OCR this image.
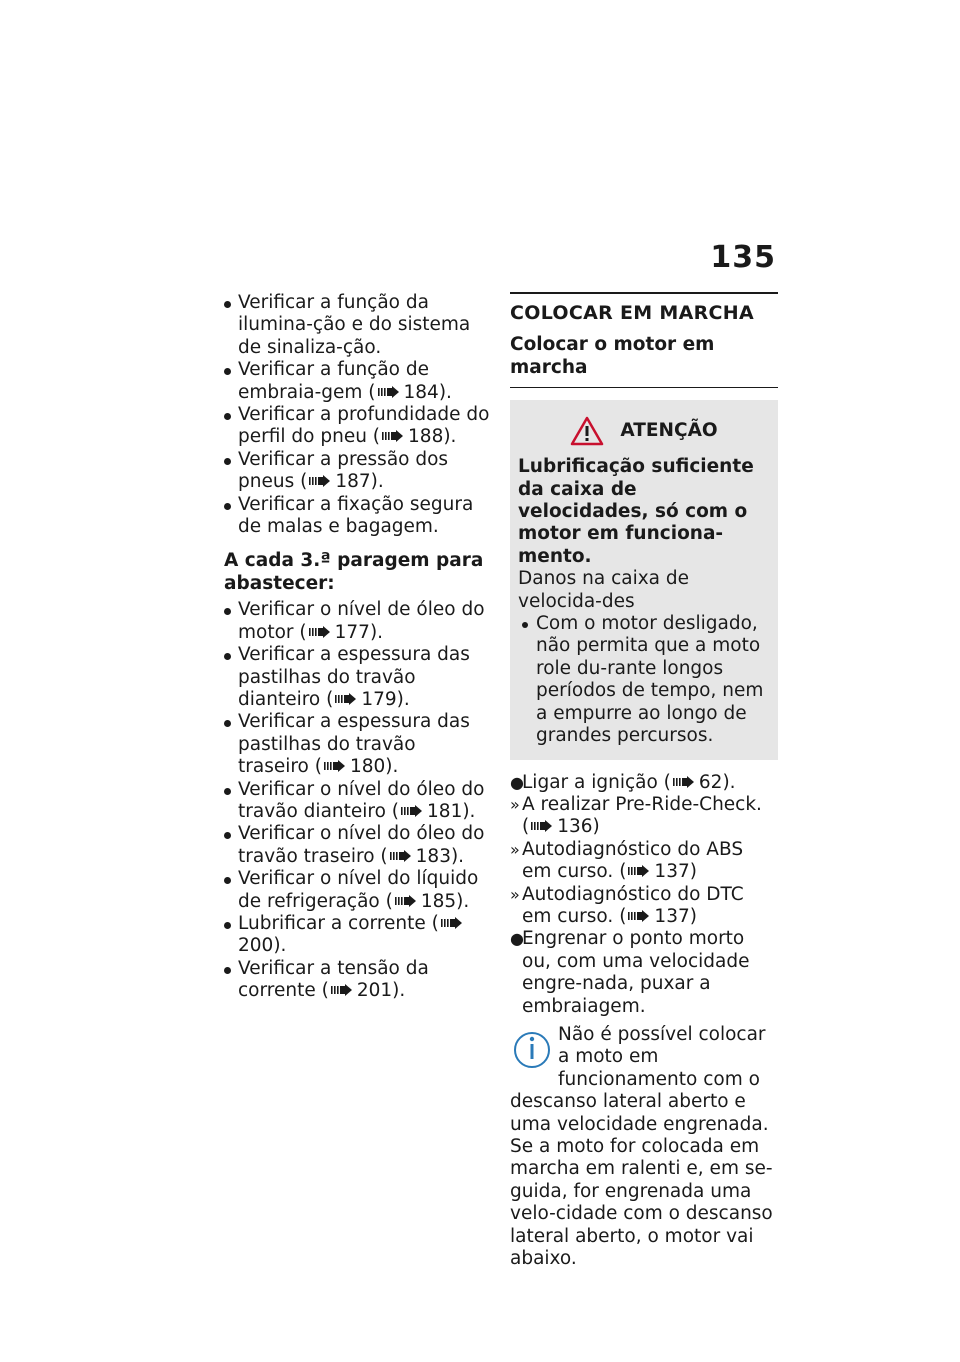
135
Verificar a função da ilumina-ção e do sistema de sinaliza-ção.
Verificar a função de embraia-gem ( 184).
Verificar a profundidade do perfil do pneu ( 188).
Verificar a pressão dos pneus ( 187).
Verificar a fixação segura de malas e bagagem.
A cada 3.ª paragem para abastecer:
Verificar o nível de óleo do motor ( 177).
Verificar a espessura das pastilhas do travão dianteiro ( 179).
Verificar a espessura das pastilhas do travão traseiro ( 180).
Verificar o nível do óleo do travão dianteiro ( 181).
Verificar o nível do óleo do travão traseiro ( 183).
Verificar o nível do líquido de refrigeração ( 185).
Lubrificar a corrente (200).
Verificar a tensão da corrente ( 201).
COLOCAR EM MARCHA
Colocar o motor em marcha
ATENÇÃO
Lubrificação suficiente da caixa de velocidades, só com o motor em funciona-mento.
Danos na caixa de velocida-des
Com o motor desligado, não permita que a moto role du-rante longos períodos de tempo, nem a empurre ao longo de grandes percursos.
●
Ligar a ignição ( 62).
» A realizar Pre-Ride-Check.
( 136)
» Autodiagnóstico do ABS em curso. ( 137)
» Autodiagnóstico do DTC em curso. ( 137)
●
Engrenar o ponto morto ou, com uma velocidade engre-nada, puxar a embraiagem.
Não é possível colocar a moto em funcionamento com o descanso lateral aberto e uma velocidade engrenada. Se a moto for colocada em marcha em ralenti e, em se-guida, for engrenada uma velo-cidade com o descanso lateral aberto, o motor vai abaixo.
